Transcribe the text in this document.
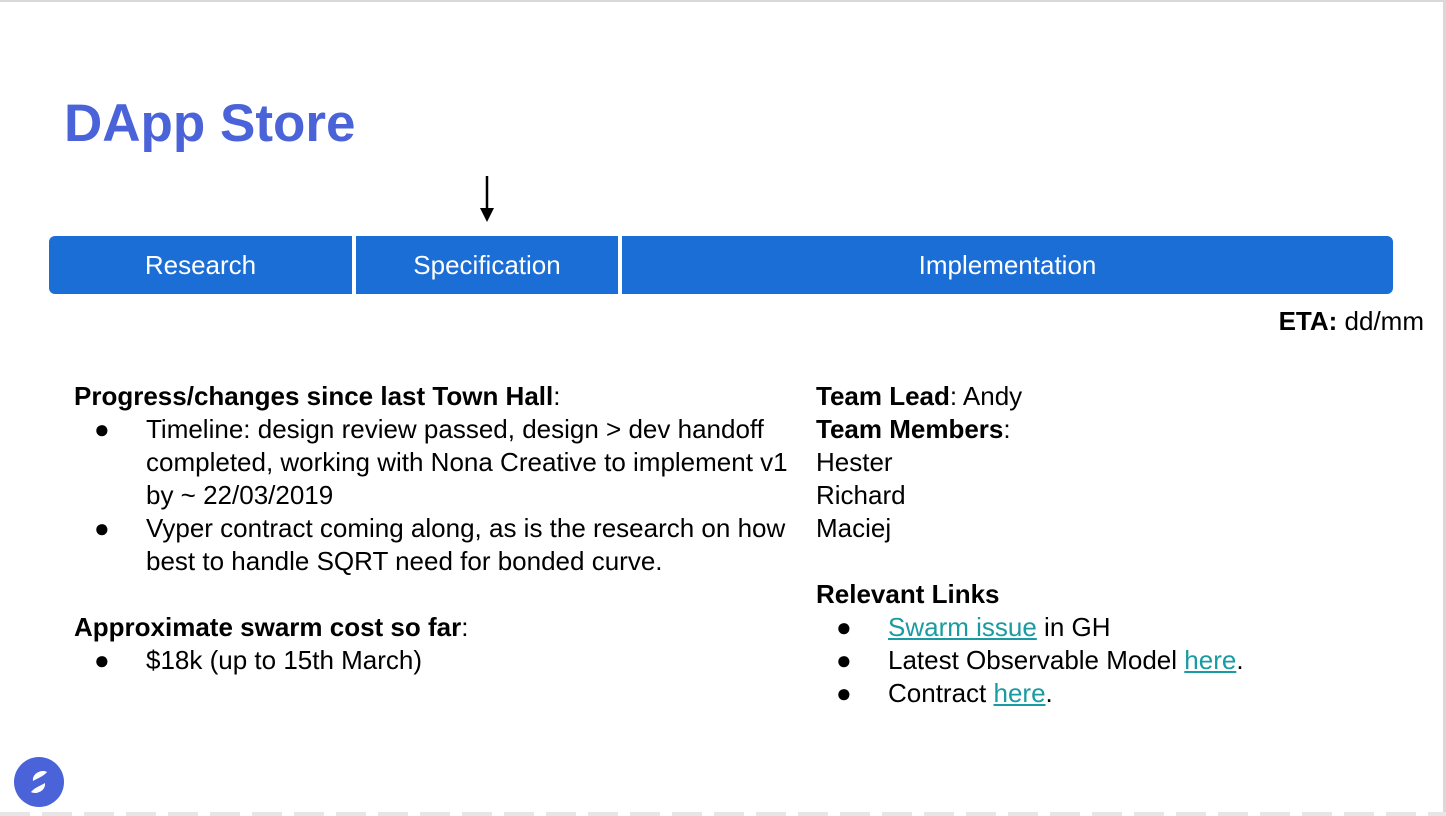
DApp Store
Research	Specification	Implementation
ETA: dd/mm
Progress/changes since last Town Hall:
● Timeline: design review passed, design > dev handoff completed, working with Nona Creative to implement v1 by ~ 22/03/2019
● Vyper contract coming along, as is the research on how best to handle SQRT need for bonded curve.
Approximate swarm cost so far:
● $18k (up to 15th March)
Team Lead: Andy
Team Members:
Hester
Richard
Maciej
Relevant Links
● Swarm issue in GH
● Latest Observable Model here.
● Contract here.
